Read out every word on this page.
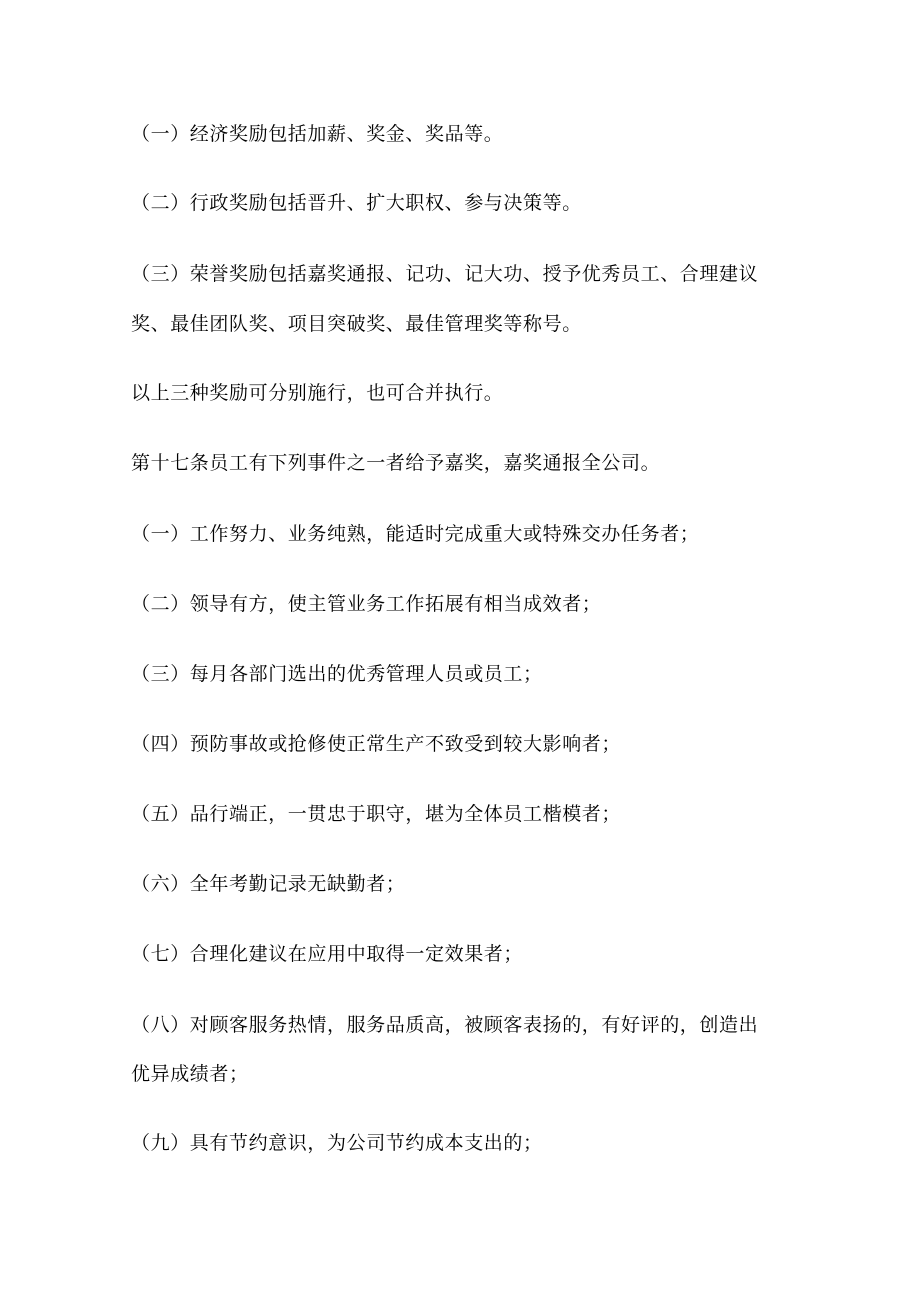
（一）经济奖励包括加薪、奖金、奖品等。
（二）行政奖励包括晋升、扩大职权、参与决策等。
（三）荣誉奖励包括嘉奖通报、记功、记大功、授予优秀员工、合理建议
奖、最佳团队奖、项目突破奖、最佳管理奖等称号。
以上三种奖励可分别施行，也可合并执行。
第十七条员工有下列事件之一者给予嘉奖，嘉奖通报全公司。
（一）工作努力、业务纯熟，能适时完成重大或特殊交办任务者；
（二）领导有方，使主管业务工作拓展有相当成效者；
（三）每月各部门选出的优秀管理人员或员工；
（四）预防事故或抢修使正常生产不致受到较大影响者；
（五）品行端正，一贯忠于职守，堪为全体员工楷模者；
（六）全年考勤记录无缺勤者；
（七）合理化建议在应用中取得一定效果者；
（八）对顾客服务热情，服务品质高，被顾客表扬的，有好评的，创造出
优异成绩者；
（九）具有节约意识，为公司节约成本支出的；
